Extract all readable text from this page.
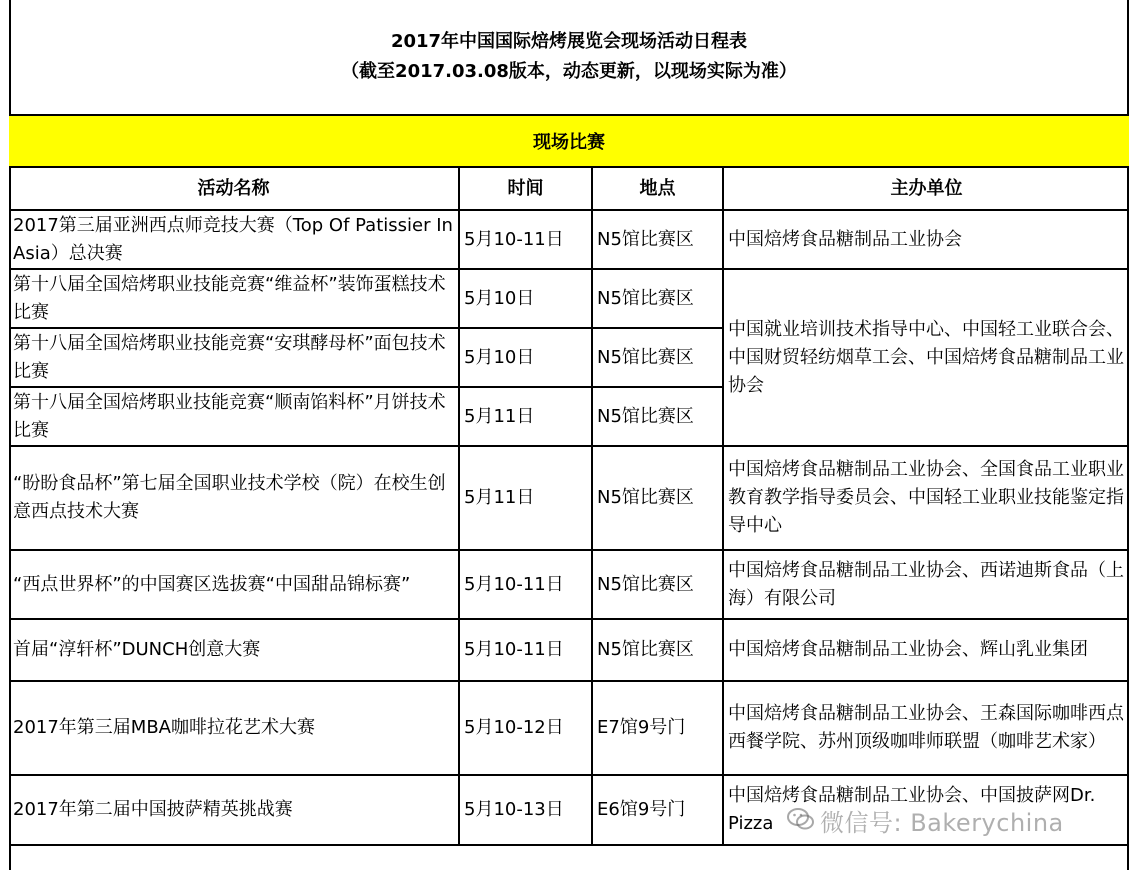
2017年中国国际焙烤展览会现场活动日程表
（截至2017.03.08版本，动态更新，以现场实际为准）
现场比赛
活动名称	时间	地点	主办单位
2017第三届亚洲西点师竞技大赛（Top Of Patissier In Asia）总决赛	5月10-11日	N5馆比赛区	中国焙烤食品糖制品工业协会
第十八届全国焙烤职业技能竞赛“维益杯”装饰蛋糕技术比赛	5月10日	N5馆比赛区	中国就业培训技术指导中心、中国轻工业联合会、中国财贸轻纺烟草工会、中国焙烤食品糖制品工业协会
第十八届全国焙烤职业技能竞赛“安琪酵母杯”面包技术比赛	5月10日	N5馆比赛区	
第十八届全国焙烤职业技能竞赛“顺南馅料杯”月饼技术比赛	5月11日	N5馆比赛区	
“盼盼食品杯”第七届全国职业技术学校（院）在校生创意西点技术大赛	5月11日	N5馆比赛区	中国焙烤食品糖制品工业协会、全国食品工业职业教育教学指导委员会、中国轻工业职业技能鉴定指导中心
“西点世界杯”的中国赛区选拔赛“中国甜品锦标赛”	5月10-11日	N5馆比赛区	中国焙烤食品糖制品工业协会、西诺迪斯食品（上海）有限公司
首届“淳轩杯”DUNCH创意大赛	5月10-11日	N5馆比赛区	中国焙烤食品糖制品工业协会、辉山乳业集团
2017年第三届MBA咖啡拉花艺术大赛	5月10-12日	E7馆9号门	中国焙烤食品糖制品工业协会、王森国际咖啡西点西餐学院、苏州顶级咖啡师联盟（咖啡艺术家）
2017年第二届中国披萨精英挑战赛	5月10-13日	E6馆9号门	中国焙烤食品糖制品工业协会、中国披萨网Dr. Pizza 微信号: Bakerychina
